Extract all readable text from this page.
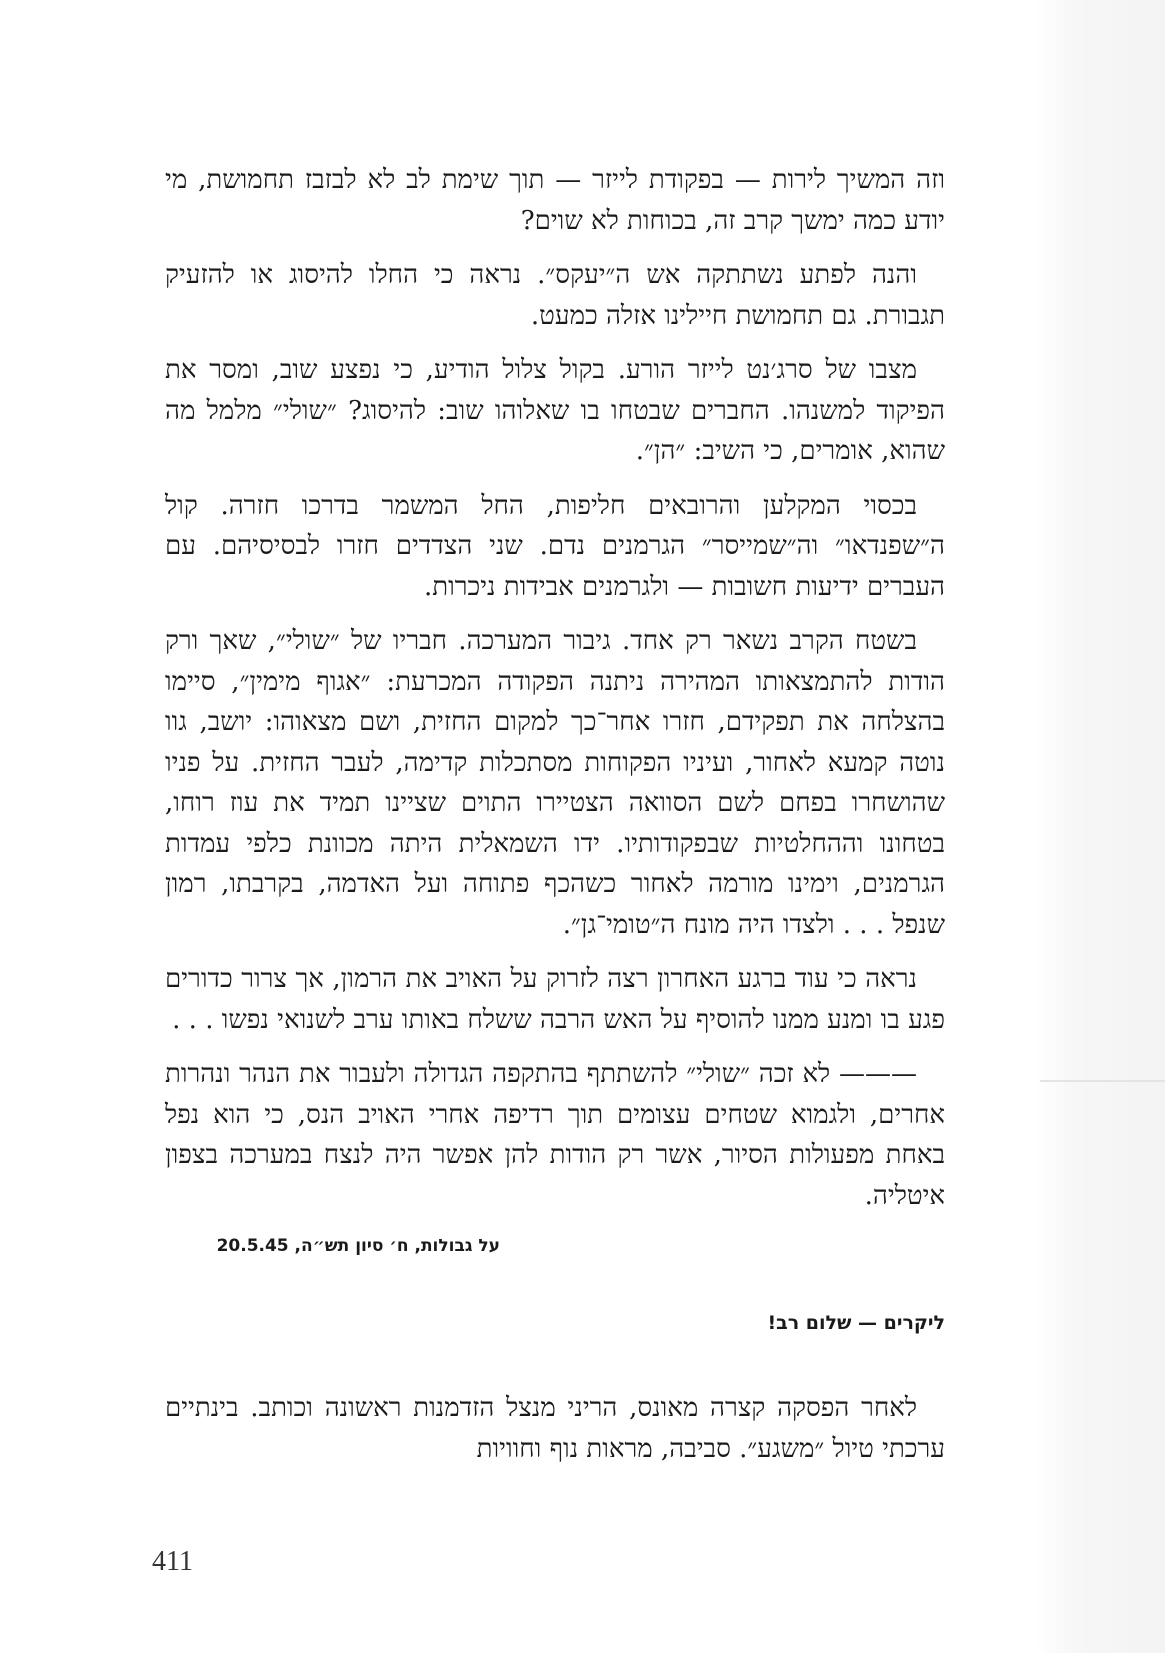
וזה המשיך לירות — בפקודת לייזר — תוך שימת לב לא לבזבז תחמושת, מי יודע כמה ימשך קרב זה, בכוחות לא שוים?

והנה לפתע נשתתקה אש ה״יעקס״. נראה כי החלו להיסוג או להזעיק תגבורת. גם תחמושת חיילינו אזלה כמעט.

מצבו של סרג׳נט לייזר הורע. בקול צלול הודיע, כי נפצע שוב, ומסר את הפיקוד למשנהו. החברים שבטחו בו שאלוהו שוב: להיסוג? ״שולי״ מלמל מה שהוא, אומרים, כי השיב: ״הן״.

בכסוי המקלען והרובאים חליפות, החל המשמר בדרכו חזרה. קול ה״שפנדאו״ וה״שמייסר״ הגרמנים נדם. שני הצדדים חזרו לבסיסיהם. עם העברים ידיעות חשובות — ולגרמנים אבידות ניכרות.

בשטח הקרב נשאר רק אחד. גיבור המערכה. חבריו של ״שולי״, שאך ורק הודות להתמצאותו המהירה ניתנה הפקודה המכרעת: ״אגוף מימין״, סיימו בהצלחה את תפקידם, חזרו אחר־כך למקום החזית, ושם מצאוהו: יושב, גוו נוטה קמעא לאחור, ועיניו הפקוחות מסתכלות קדימה, לעבר החזית. על פניו שהושחרו בפחם לשם הסוואה הצטיירו התוים שציינו תמיד את עוז רוחו, בטחונו וההחלטיות שבפקודותיו. ידו השמאלית היתה מכוונת כלפי עמדות הגרמנים, וימינו מורמה לאחור כשהכף פתוחה ועל האדמה, בקרבתו, רמון שנפל . . . ולצדו היה מונח ה״טומי־גן״.

נראה כי עוד ברגע האחרון רצה לזרוק על האויב את הרמון, אך צרור כדורים פגע בו ומנע ממנו להוסיף על האש הרבה ששלח באותו ערב לשנואי נפשו . . .

——— לא זכה ״שולי״ להשתתף בהתקפה הגדולה ולעבור את הנהר ונהרות אחרים, ולגמוא שטחים עצומים תוך רדיפה אחרי האויב הנס, כי הוא נפל באחת מפעולות הסיור, אשר רק הודות להן אפשר היה לנצח במערכה בצפון איטליה.

על גבולות, ח׳ סיון תש״ה, 20.5.45
ליקרים — שלום רב!

לאחר הפסקה קצרה מאונס, הריני מנצל הזדמנות ראשונה וכותב. בינתיים ערכתי טיול ״משגע״. סביבה, מראות נוף וחוויות

411
